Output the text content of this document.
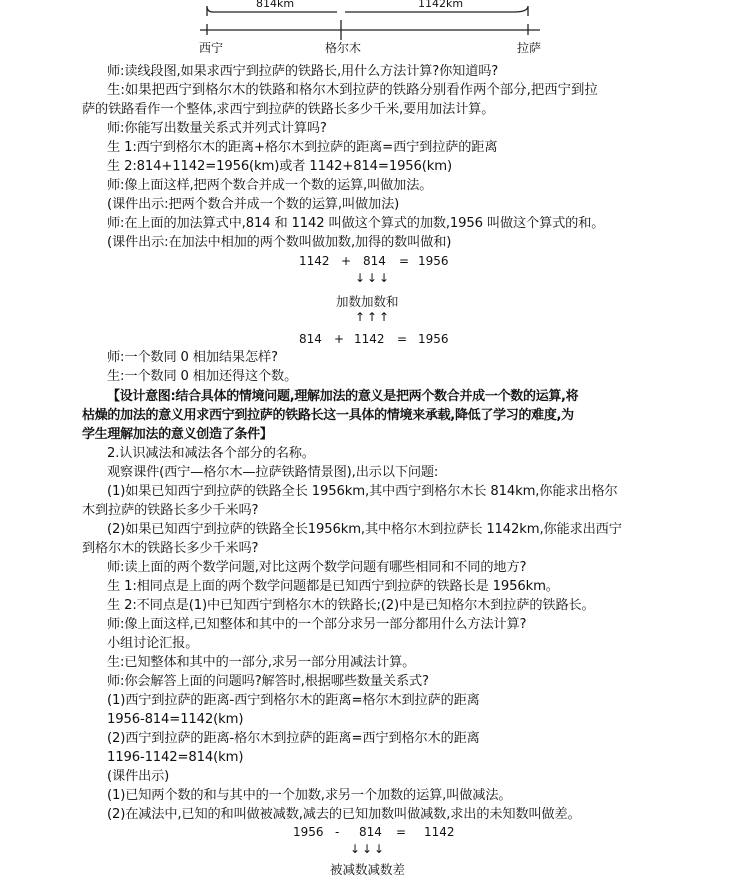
814km	1142km
西宁	格尔木	拉萨

师:读线段图,如果求西宁到拉萨的铁路长,用什么方法计算?你知道吗?

生:如果把西宁到格尔木的铁路和格尔木到拉萨的铁路分别看作两个部分,把西宁到拉

萨的铁路看作一个整体,求西宁到拉萨的铁路长多少千米,要用加法计算。

师:你能写出数量关系式并列式计算吗?

生 1:西宁到格尔木的距离+格尔木到拉萨的距离=西宁到拉萨的距离

生 2:814+1142=1956(km)或者 1142+814=1956(km)

师:像上面这样,把两个数合并成一个数的运算,叫做加法。

(课件出示:把两个数合并成一个数的运算,叫做加法)

师:在上面的加法算式中,814 和 1142 叫做这个算式的加数,1956 叫做这个算式的和。

(课件出示:在加法中相加的两个数叫做加数,加得的数叫做和)

1142 + 814 = 1956
↓ ↓ ↓
加数加数和
↑ ↑ ↑
814 + 1142 = 1956

师:一个数同 0 相加结果怎样?

生:一个数同 0 相加还得这个数。

【设计意图:结合具体的情境问题,理解加法的意义是把两个数合并成一个数的运算,将

枯燥的加法的意义用求西宁到拉萨的铁路长这一具体的情境来承载,降低了学习的难度,为

学生理解加法的意义创造了条件】

2.认识减法和减法各个部分的名称。

观察课件(西宁—格尔木—拉萨铁路情景图),出示以下问题:

(1)如果已知西宁到拉萨的铁路全长 1956km,其中西宁到格尔木长 814km,你能求出格尔

木到拉萨的铁路长多少千米吗?

(2)如果已知西宁到拉萨的铁路全长1956km,其中格尔木到拉萨长 1142km,你能求出西宁

到格尔木的铁路长多少千米吗?

师:读上面的两个数学问题,对比这两个数学问题有哪些相同和不同的地方?

生 1:相同点是上面的两个数学问题都是已知西宁到拉萨的铁路长是 1956km。

生 2:不同点是(1)中已知西宁到格尔木的铁路长;(2)中是已知格尔木到拉萨的铁路长。

师:像上面这样,已知整体和其中的一个部分求另一部分都用什么方法计算?

小组讨论汇报。

生:已知整体和其中的一部分,求另一部分用减法计算。

师:你会解答上面的问题吗?解答时,根据哪些数量关系式?

(1)西宁到拉萨的距离-西宁到格尔木的距离=格尔木到拉萨的距离

1956-814=1142(km)

(2)西宁到拉萨的距离-格尔木到拉萨的距离=西宁到格尔木的距离

1196-1142=814(km)

(课件出示)

(1)已知两个数的和与其中的一个加数,求另一个加数的运算,叫做减法。

(2)在减法中,已知的和叫做被减数,减去的已知加数叫做减数,求出的未知数叫做差。

1956 - 814 = 1142
↓ ↓ ↓
被减数减数差
